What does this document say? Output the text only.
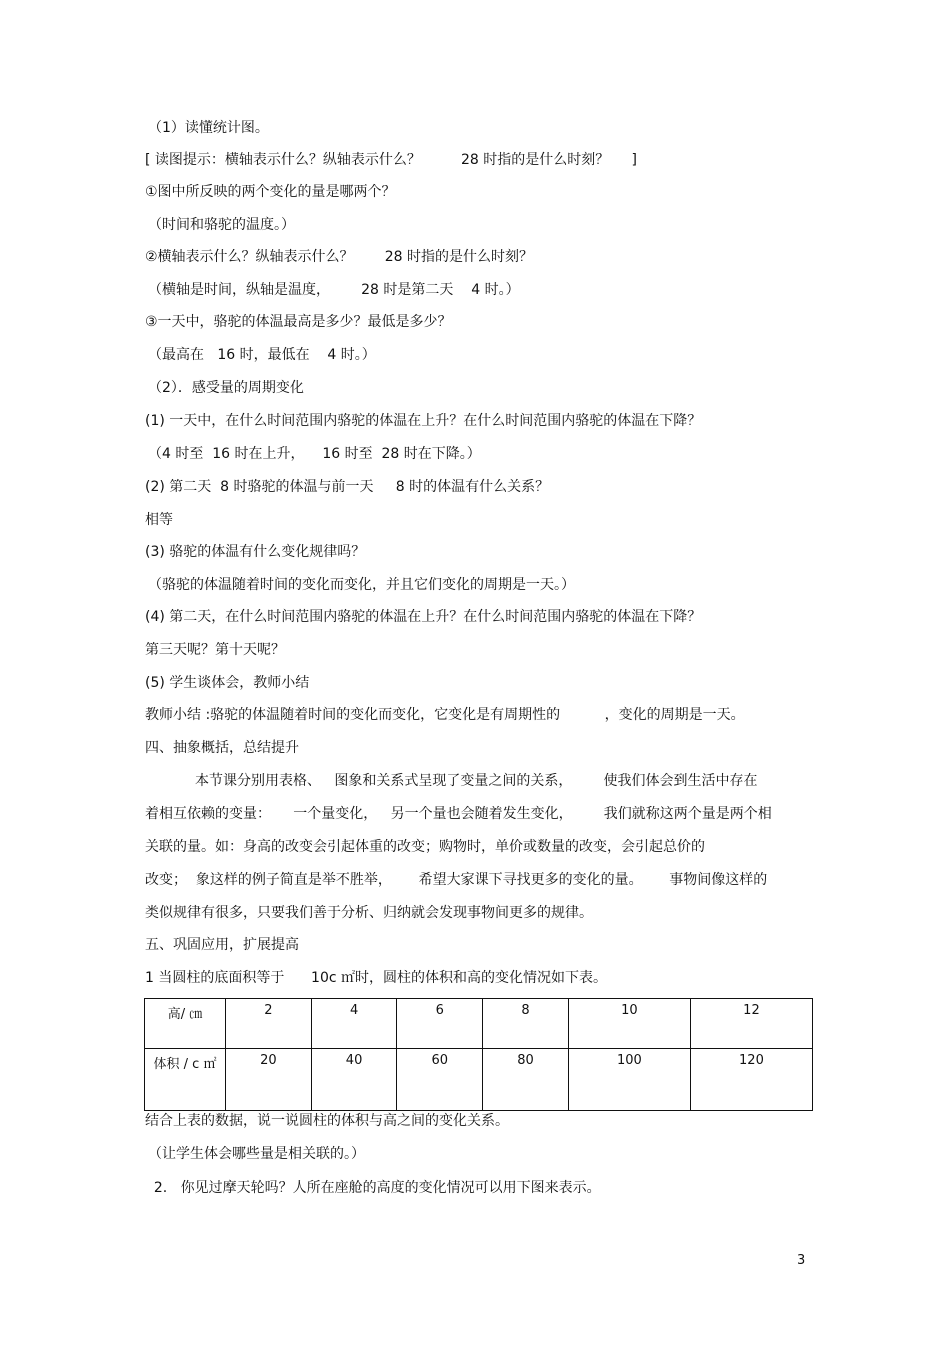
（1）读懂统计图。
[ 读图提示：横轴表示什么？纵轴表示什么？         28 时指的是什么时刻？     ]
①图中所反映的两个变化的量是哪两个？
（时间和骆驼的温度。）
②横轴表示什么？纵轴表示什么？       28 时指的是什么时刻？
（横轴是时间，纵轴是温度，       28 时是第二天    4 时。）
③一天中，骆驼的体温最高是多少？最低是多少？
（最高在   16 时，最低在    4 时。）
（2）．感受量的周期变化
(1) 一天中，在什么时间范围内骆驼的体温在上升？在什么时间范围内骆驼的体温在下降？
（4 时至  16 时在上升，    16 时至  28 时在下降。）
(2) 第二天  8 时骆驼的体温与前一天     8 时的体温有什么关系？
相等
(3) 骆驼的体温有什么变化规律吗？
（骆驼的体温随着时间的变化而变化，并且它们变化的周期是一天。）
(4) 第二天，在什么时间范围内骆驼的体温在上升？在什么时间范围内骆驼的体温在下降？
第三天呢？第十天呢？
(5) 学生谈体会，教师小结
教师小结 :骆驼的体温随着时间的变化而变化，它变化是有周期性的          ，变化的周期是一天。
四、抽象概括，总结提升
本节课分别用表格、   图象和关系式呈现了变量之间的关系，       使我们体会到生活中存在
着相互依赖的变量：     一个量变化，   另一个量也会随着发生变化，       我们就称这两个量是两个相
关联的量。如：身高的改变会引起体重的改变；购物时，单价或数量的改变，会引起总价的
改变；  象这样的例子简直是举不胜举，      希望大家课下寻找更多的变化的量。      事物间像这样的
类似规律有很多，只要我们善于分析、归纳就会发现事物间更多的规律。
五、巩固应用，扩展提高
1 当圆柱的底面积等于      10c ㎡时，圆柱的体积和高的变化情况如下表。
高/ ㎝	2	4	6	8	10	12
体积 / c ㎡	20	40	60	80	100	120
结合上表的数据，说一说圆柱的体积与高之间的变化关系。
（让学生体会哪些量是相关联的。）
2.   你见过摩天轮吗？人所在座舱的高度的变化情况可以用下图来表示。
3
